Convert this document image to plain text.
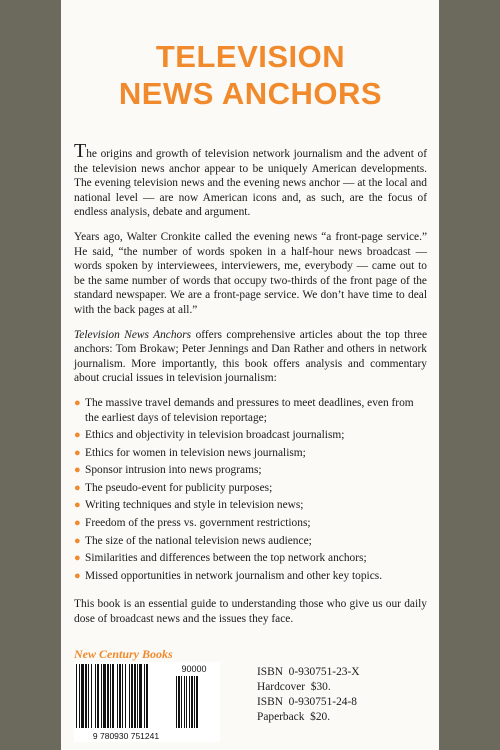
TELEVISION
NEWS ANCHORS
The origins and growth of television network journalism and the advent of the television news anchor appear to be uniquely American developments. The evening television news and the evening news anchor — at the local and national level — are now American icons and, as such, are the focus of endless analysis, debate and argument.
Years ago, Walter Cronkite called the evening news “a front-page service.” He said, “the number of words spoken in a half-hour news broadcast — words spoken by interviewees, interviewers, me, everybody — came out to be the same number of words that occupy two-thirds of the front page of the standard newspaper. We are a front-page service. We don’t have time to deal with the back pages at all.”
Television News Anchors offers comprehensive articles about the top three anchors: Tom Brokaw; Peter Jennings and Dan Rather and others in network journalism. More importantly, this book offers analysis and commentary about crucial issues in television journalism:
● The massive travel demands and pressures to meet deadlines, even from the earliest days of television reportage;
● Ethics and objectivity in television broadcast journalism;
● Ethics for women in television news journalism;
● Sponsor intrusion into news programs;
● The pseudo-event for publicity purposes;
● Writing techniques and style in television news;
● Freedom of the press vs. government restrictions;
● The size of the national television news audience;
● Similarities and differences between the top network anchors;
● Missed opportunities in network journalism and other key topics.
This book is an essential guide to understanding those who give us our daily dose of broadcast news and the issues they face.
New Century Books
90000
9 780930 751241
ISBN  0-930751-23-X
Hardcover  $30.
ISBN  0-930751-24-8
Paperback  $20.
